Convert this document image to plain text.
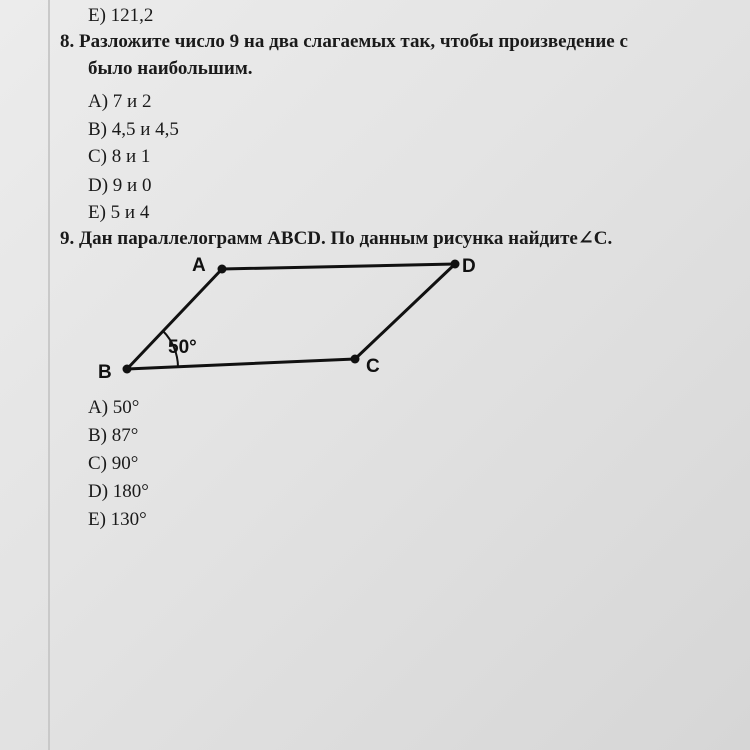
E) 121,2
8. Разложите число 9 на два слагаемых так, чтобы произведение с
было наибольшим.
A) 7 и 2
B) 4,5 и 4,5
C) 8 и 1
D) 9 и 0
E) 5 и 4
9. Дан параллелограмм ABCD. По данным рисунка найдите∠C.
A	D
C
B
50°
A) 50°
B) 87°
C) 90°
D) 180°
E) 130°
